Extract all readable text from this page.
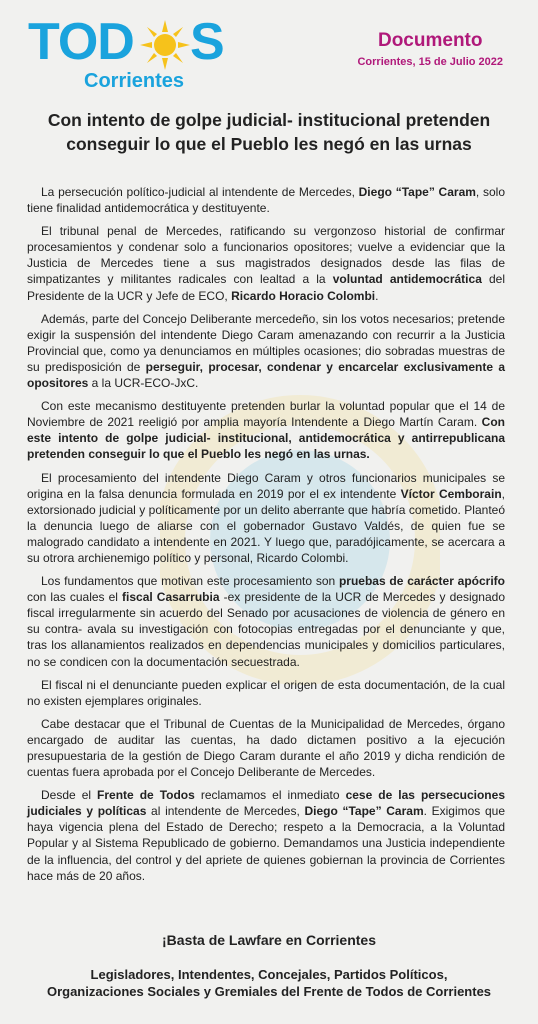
TOD	S
Corrientes
Documento
Corrientes, 15 de Julio 2022
Con intento de golpe judicial- institucional pretenden conseguir lo que el Pueblo les negó en las urnas

La persecución político-judicial al intendente de Mercedes, Diego “Tape” Caram, solo tiene finalidad antidemocrática y destituyente.

El tribunal penal de Mercedes, ratificando su vergonzoso historial de confirmar procesamientos y condenar solo a funcionarios opositores; vuelve a evidenciar que la Justicia de Mercedes tiene a sus magistrados designados desde las filas de simpatizantes y militantes radicales con lealtad a la voluntad antidemocrática del Presidente de la UCR y Jefe de ECO, Ricardo Horacio Colombi.

Además, parte del Concejo Deliberante mercedeño, sin los votos necesarios; pretende exigir la suspensión del intendente Diego Caram amenazando con recurrir a la Justicia Provincial que, como ya denunciamos en múltiples ocasiones; dio sobradas muestras de su predisposición de perseguir, procesar, condenar y encarcelar exclusivamente a opositores a la UCR-ECO-JxC.

Con este mecanismo destituyente pretenden burlar la voluntad popular que el 14 de Noviembre de 2021 reeligió por amplia mayoría Intendente a Diego Martín Caram. Con este intento de golpe judicial- institucional, antidemocrática y antirrepublicana pretenden conseguir lo que el Pueblo les negó en las urnas.

El procesamiento del intendente Diego Caram y otros funcionarios municipales se origina en la falsa denuncia formulada en 2019 por el ex intendente Víctor Cemborain, extorsionado judicial y políticamente por un delito aberrante que habría cometido. Planteó la denuncia luego de aliarse con el gobernador Gustavo Valdés, de quien fue se malogrado candidato a intendente en 2021. Y luego que, paradójicamente, se acercara a su otrora archienemigo político y personal, Ricardo Colombi.

Los fundamentos que motivan este procesamiento son pruebas de carácter apócrifo con las cuales el fiscal Casarrubia -ex presidente de la UCR de Mercedes y designado fiscal irregularmente sin acuerdo del Senado por acusaciones de violencia de género en su contra- avala su investigación con fotocopias entregadas por el denunciante y que, tras los allanamientos realizados en dependencias municipales y domicilios particulares, no se condicen con la documentación secuestrada.

El fiscal ni el denunciante pueden explicar el origen de esta documentación, de la cual no existen ejemplares originales.

Cabe destacar que el Tribunal de Cuentas de la Municipalidad de Mercedes, órgano encargado de auditar las cuentas, ha dado dictamen positivo a la ejecución presupuestaria de la gestión de Diego Caram durante el año 2019 y dicha rendición de cuentas fuera aprobada por el Concejo Deliberante de Mercedes.

Desde el Frente de Todos reclamamos el inmediato cese de las persecuciones judiciales y políticas al intendente de Mercedes, Diego “Tape” Caram. Exigimos que haya vigencia plena del Estado de Derecho; respeto a la Democracia, a la Voluntad Popular y al Sistema Republicado de gobierno. Demandamos una Justicia independiente de la influencia, del control y del apriete de quienes gobiernan la provincia de Corrientes hace más de 20 años.

¡Basta de Lawfare en Corrientes
Legisladores, Intendentes, Concejales, Partidos Políticos,
Organizaciones Sociales y Gremiales del Frente de Todos de Corrientes
